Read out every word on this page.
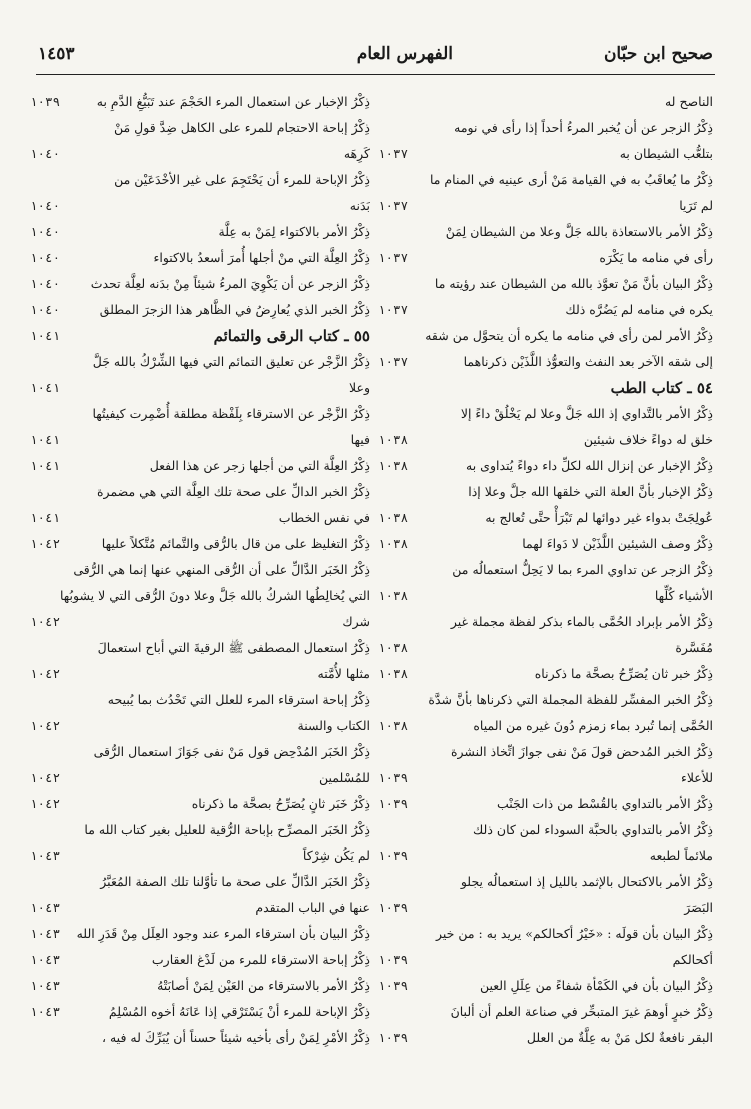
صحيح ابن حبّان
الفهرس العام
١٤٥٣
الناصح له
ذِكْرُ الزجر عن أن يُخبر المرءُ أحداً إذا رأى في نومه
بتلعُّب الشيطان به
١٠٣٧
ذِكْرُ ما يُعاقَبُ به في القيامة مَنْ أرى عينيه في المنام ما
لم تَرَيا
١٠٣٧
ذِكْرُ الأمر بالاستعاذة بالله جَلَّ وعلا من الشيطان لِمَنْ
رأى في منامه ما يَكْرَه
١٠٣٧
ذِكْرُ البيان بأنَّ مَنْ تعوَّذ بالله من الشيطان عند رؤيته ما
يكره في منامه لم يَضُرَّه ذلك
١٠٣٧
ذِكْرُ الأمر لمن رأى في منامه ما يكره أن يتحوَّل من شقه
إلى شقه الآخر بعد النفث والتعوُّذ اللَّذَيْن ذكرناهما
١٠٣٧
٥٤ ـ كتاب الطب
ذِكْرُ الأمر بالتَّداوي إذ الله جَلَّ وعلا لم يَخْلُقْ داءً إلا
خلق له دواءً خلاف شيئين
١٠٣٨
ذِكْرُ الإخبار عن إنزال الله لكلِّ داء دواءً يُتداوى به
١٠٣٨
ذِكْرُ الإخبار بأنَّ العلة التي خلقها الله جلَّ وعلا إذا
عُولِجَتْ بدواء غير دوائها لم تَبْرَأْ حتَّى تُعالج به
١٠٣٨
ذِكْرُ وصف الشيئين اللَّذَيْن لا دَواءَ لهما
١٠٣٨
ذِكْرُ الزجر عن تداوي المرء بما لا يَحِلُّ استعمالُه من
الأشياء كُلِّها
١٠٣٨
ذِكْرُ الأمر بإبراد الحُمَّى بالماء بذكر لفظة مجملة غير
مُفَسَّرة
١٠٣٨
ذِكْرُ خبر ثان يُصَرِّحُ بصحَّة ما ذكرناه
١٠٣٨
ذِكْرُ الخبر المفسِّر للفظة المجملة التي ذكرناها بأنَّ شدَّة
الحُمَّى إنما تُبرد بماء زمزم دُونَ غيره من المياه
١٠٣٨
ذِكْرُ الخبر المُدحض قولَ مَنْ نفى جوازَ اتِّخاذ النشرة
للأعلاء
١٠٣٩
ذِكْرُ الأمر بالتداوي بالقُسْط من ذات الجَنْب
١٠٣٩
ذِكْرُ الأمر بالتداوي بالحبَّة السوداء لمن كان ذلك
ملائماً لطبعه
١٠٣٩
ذِكْرُ الأمر بالاكتحال بالإثمد بالليل إذ استعمالُه يجلو
البَصَرَ
١٠٣٩
ذِكْرُ البيان بأن قولَه : «خَيْرُ أكحالكم» يريد به : من خير
أكحالكم
١٠٣٩
ذِكْرُ البيان بأن في الكَمْأة شفاءً من عِلَلِ العين
١٠٣٩
ذِكْرُ خبرٍ أوهمَ غيرَ المتبحِّر في صناعة العلم أن ألبانَ
البقر نافعةٌ لكل مَنْ به عِلَّةٌ من العلل
١٠٣٩
ذِكْرُ الإخبار عن استعمال المرء الحَجْمَ عند تَبَيُّغِ الدَّمِ به
١٠٣٩
ذِكْرُ إباحة الاحتجام للمرء على الكاهل ضِدَّ قولِ مَنْ
كَرِهَه
١٠٤٠
ذِكْرُ الإباحة للمرء أن يَحْتَجِمَ على غير الأخْدَعَيْن من
بَدَنه
١٠٤٠
ذِكْرُ الأمر بالاكتواء لِمَنْ به عِلَّة
١٠٤٠
ذِكْرُ العِلَّة التي منْ أجلها أُمرَ أسعدُ بالاكتواء
١٠٤٠
ذِكْرُ الزجر عن أن يَكْوِيَ المرءُ شيئاً مِنْ بدَنه لعِلَّة تحدث
١٠٤٠
ذِكْرُ الخبر الذي يُعارِضُ في الظَّاهر هذا الزجرَ المطلق
١٠٤٠
٥٥ ـ كتاب الرقى والتمائم
١٠٤١
ذِكْرُ الزَّجْر عن تعليق التمائم التي فيها الشِّرْكُ بالله جَلَّ
وعلا
١٠٤١
ذِكْرُ الزَّجْر عن الاسترقاء بِلَفْظة مطلقة أُضْمِرت كيفيتُها
فيها
١٠٤١
ذِكْرُ العِلَّة التي من أجلها زجر عن هذا الفعل
١٠٤١
ذِكْرُ الخبر الدالِّ على صحة تلك العِلَّة التي هي مضمرة
في نفس الخطاب
١٠٤١
ذِكْرُ التغليظ على من قال بالرُّقى والتَّمائم مُتَّكلاً عليها
١٠٤٢
ذِكْرُ الخَبَر الدَّالِّ على أن الرُّقى المنهي عنها إنما هي الرُّقى
التي يُخالِطُها الشركُ بالله جَلَّ وعلا دونَ الرُّقى التي لا يشوبُها
شرك
١٠٤٢
ذِكْرُ استعمال المصطفى ﷺ الرقيةَ التي أباح استعمالَ
مثلها لأُمَّته
١٠٤٢
ذِكْرُ إباحة استرقاء المرء للعلل التي تَحْدُث بما يُبيحه
الكتاب والسنة
١٠٤٢
ذِكْرُ الخَبَر المُدْحِض قول مَنْ نفى جَوَازَ استعمال الرُّقى
للمُسْلمين
١٠٤٢
ذِكْرُ خَبَر ثانٍ يُصَرِّحُ بصحَّة ما ذكرناه
١٠٤٢
ذِكْرُ الخَبَر المصرِّح بإباحة الرُّقية للعليل بغير كتاب الله ما
لم يَكُن شِرْكاً
١٠٤٣
ذِكْرُ الخَبَر الدَّالِّ على صحة ما تأوَّلنا تلك الصفة المُعَبَّرُ
عنها في الباب المتقدم
١٠٤٣
ذِكْرُ البيان بأن استرقاء المرء عند وجود العِلَل مِنْ قَدَرِ الله
١٠٤٣
ذِكْرُ إباحة الاسترقاء للمرء من لَدْغ العقارب
١٠٤٣
ذِكْرُ الأمر بالاسترقاء من العَيْن لِمَنْ أصابَتْهُ
١٠٤٣
ذِكْرُ الإباحة للمرء أنْ يَسْتَرْقي إذا عَانَهُ أخوه المُسْلِمُ
١٠٤٣
ذِكْرُ الأمْرِ لِمَنْ رأى بأخيه شيئاً حسناً أن يُبَرِّكَ له فيه ،
